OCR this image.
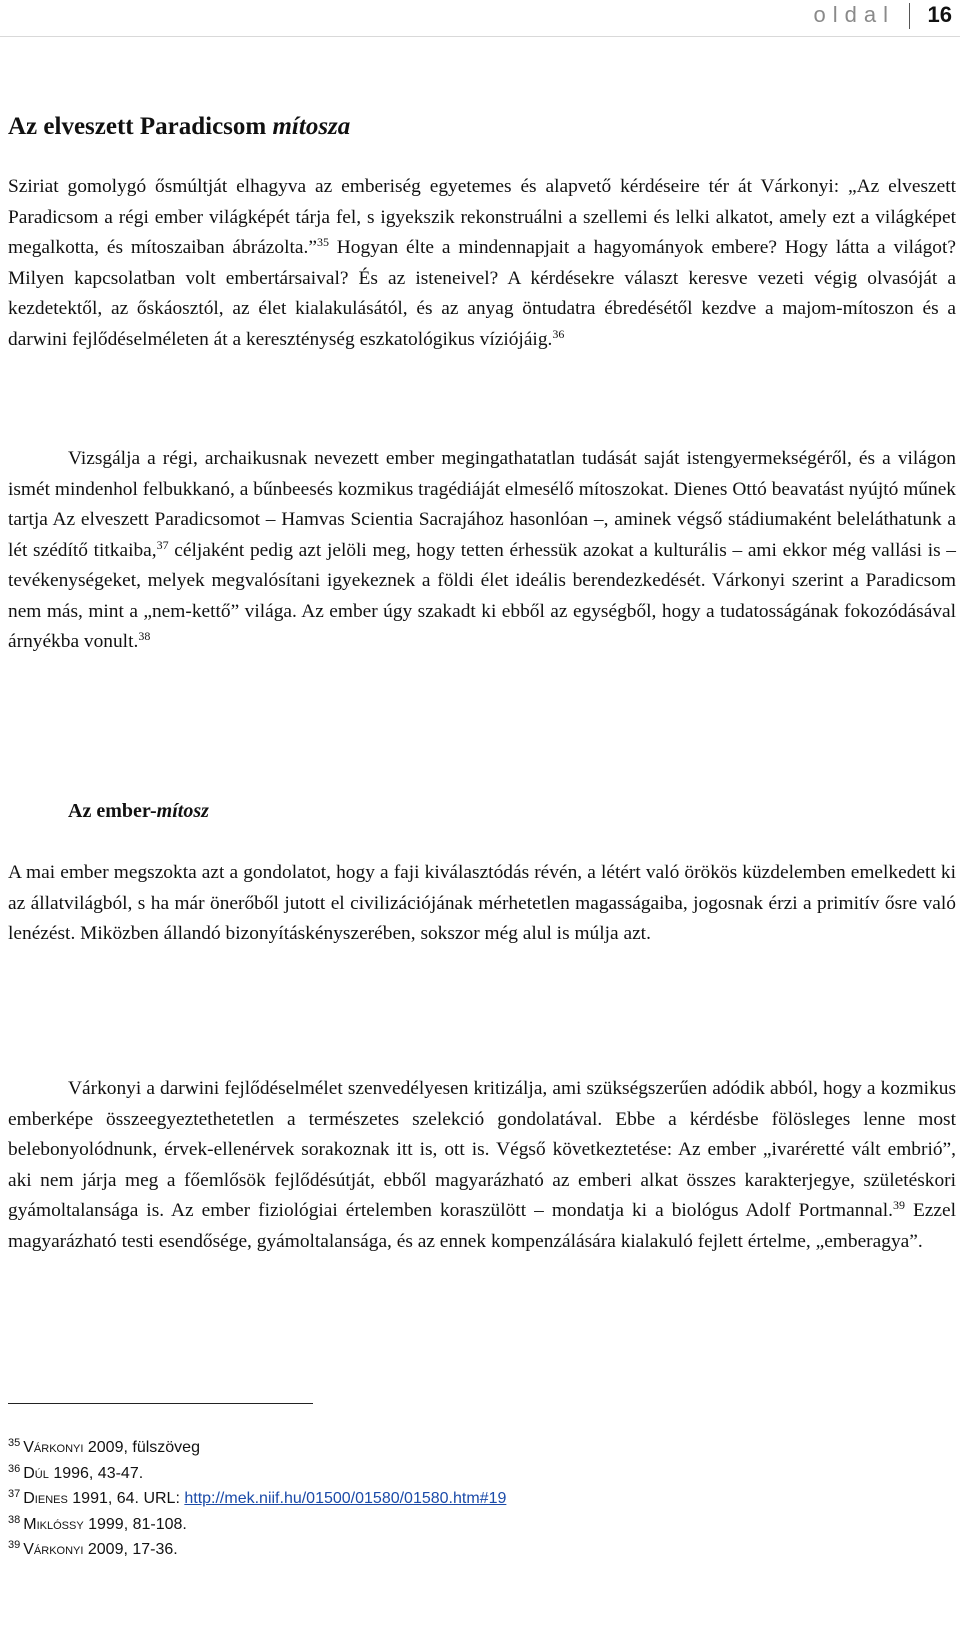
oldal 16
Az elveszett Paradicsom mítosza

Sziriat gomolygó ősmúltját elhagyva az emberiség egyetemes és alapvető kérdéseire tér át Várkonyi: „Az elveszett Paradicsom a régi ember világképét tárja fel, s igyekszik rekonstruálni a szellemi és lelki alkatot, amely ezt a világképet megalkotta, és mítoszaiban ábrázolta.”$^{35}$ Hogyan élte a mindennapjait a hagyományok embere? Hogy látta a világot? Milyen kapcsolatban volt embertársaival? És az isteneivel? A kérdésekre választ keresve vezeti végig olvasóját a kezdetektől, az őskáosztól, az élet kialakulásától, és az anyag öntudatra ébredésétől kezdve a majom-mítoszon és a darwini fejlődéselméleten át a kereszténység eszkatológikus víziójáig.$^{36}$

Vizsgálja a régi, archaikusnak nevezett ember megingathatatlan tudását saját istengyermekségéről, és a világon ismét mindenhol felbukkanó, a bűnbeesés kozmikus tragédiáját elmesélő mítoszokat. Dienes Ottó beavatást nyújtó műnek tartja Az elveszett Paradicsomot – Hamvas Scientia Sacrajához hasonlóan –, aminek végső stádiumaként beleláthatunk a lét szédítő titkaiba,$^{37}$ céljaként pedig azt jelöli meg, hogy tetten érhessük azokat a kulturális – ami ekkor még vallási is – tevékenységeket, melyek megvalósítani igyekeznek a földi élet ideális berendezkedését. Várkonyi szerint a Paradicsom nem más, mint a „nem-kettő” világa. Az ember úgy szakadt ki ebből az egységből, hogy a tudatosságának fokozódásával árnyékba vonult.$^{38}$

Az ember-mítosz

A mai ember megszokta azt a gondolatot, hogy a faji kiválasztódás révén, a létért való örökös küzdelemben emelkedett ki az állatvilágból, s ha már önerőből jutott el civilizációjának mérhetetlen magasságaiba, jogosnak érzi a primitív ősre való lenézést. Miközben állandó bizonyításkényszerében, sokszor még alul is múlja azt.

Várkonyi a darwini fejlődéselmélet szenvedélyesen kritizálja, ami szükségszerűen adódik abból, hogy a kozmikus emberképe összeegyeztethetetlen a természetes szelekció gondolatával. Ebbe a kérdésbe fölösleges lenne most belebonyolódnunk, érvek-ellenérvek sorakoznak itt is, ott is. Végső következtetése: Az ember „ivaréretté vált embrió”, aki nem járja meg a főemlősök fejlődésútját, ebből magyarázható az emberi alkat összes karakterjegye, születéskori gyámoltalansága is. Az ember fiziológiai értelemben koraszülött – mondatja ki a biológus Adolf Portmannal.$^{39}$ Ezzel magyarázható testi esendősége, gyámoltalansága, és az ennek kompenzálására kialakuló fejlett értelme, „emberagya”.

$^{35}$ Várkonyi 2009, fülszöveg
$^{36}$ Dúl 1996, 43-47.
$^{37}$ Dienes 1991, 64. URL: http://mek.niif.hu/01500/01580/01580.htm#19
$^{38}$ Miklóssy 1999, 81-108.
$^{39}$ Várkonyi 2009, 17-36.
